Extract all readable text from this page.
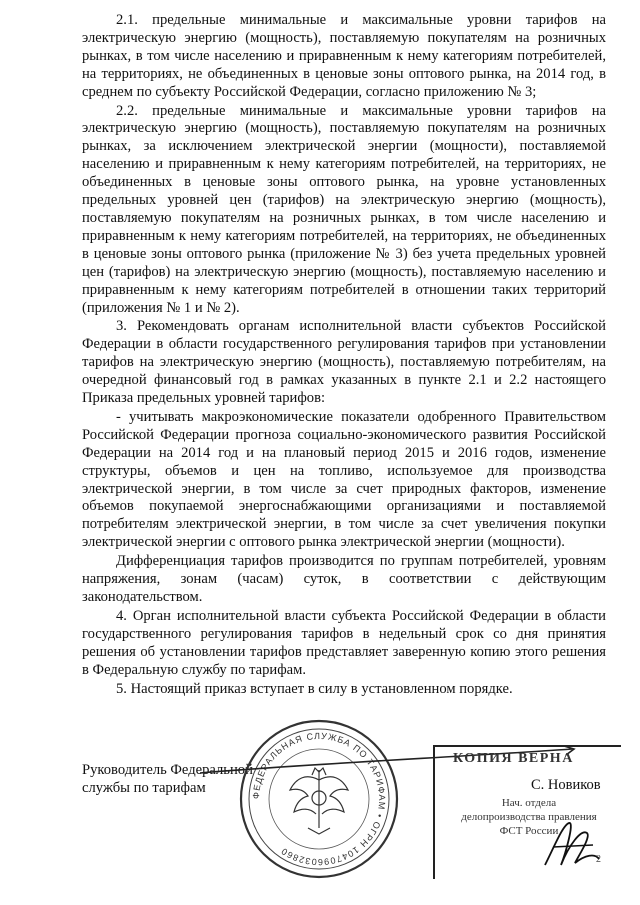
2.1. предельные минимальные и максимальные уровни тарифов на электрическую энергию (мощность), поставляемую покупателям на розничных рынках, в том числе населению и приравненным к нему категориям потребителей, на территориях, не объединенных в ценовые зоны оптового рынка, на 2014 год, в среднем по субъекту Российской Федерации, согласно приложению № 3;

2.2. предельные минимальные и максимальные уровни тарифов на электрическую энергию (мощность), поставляемую покупателям на розничных рынках, за исключением электрической энергии (мощности), поставляемой населению и приравненным к нему категориям потребителей, на территориях, не объединенных в ценовые зоны оптового рынка, на уровне установленных предельных уровней цен (тарифов) на электрическую энергию (мощность), поставляемую покупателям на розничных рынках, в том числе населению и приравненным к нему категориям потребителей, на территориях, не объединенных в ценовые зоны оптового рынка (приложение № 3) без учета предельных уровней цен (тарифов) на электрическую энергию (мощность), поставляемую населению и приравненным к нему категориям потребителей в отношении таких территорий (приложения № 1 и № 2).

3. Рекомендовать органам исполнительной власти субъектов Российской Федерации в области государственного регулирования тарифов при установлении тарифов на электрическую энергию (мощность), поставляемую потребителям, на очередной финансовый год в рамках указанных в пункте 2.1 и 2.2 настоящего Приказа предельных уровней тарифов:

- учитывать макроэкономические показатели одобренного Правительством Российской Федерации прогноза социально-экономического развития Российской Федерации на 2014 год и на плановый период 2015 и 2016 годов, изменение структуры, объемов и цен на топливо, используемое для производства электрической энергии, в том числе за счет природных факторов, изменение объемов покупаемой энергоснабжающими организациями и поставляемой потребителям электрической энергии, в том числе за счет увеличения покупки электрической энергии с оптового рынка электрической энергии (мощности).

Дифференциация тарифов производится по группам потребителей, уровням напряжения, зонам (часам) суток, в соответствии с действующим законодательством.

4. Орган исполнительной власти субъекта Российской Федерации в области государственного регулирования тарифов в недельный срок со дня принятия решения об установлении тарифов представляет заверенную копию этого решения в Федеральную службу по тарифам.

5. Настоящий приказ вступает в силу в установленном порядке.

Руководитель Федеральной службы по тарифам	ФЕДЕРАЛЬНАЯ СЛУЖБА ПО ТАРИФАМ • ОГРН 1047096032860
КОПИЯ ВЕРНА
С. Новиков
Нач. отдела
делопроизводства правления
ФСТ России
2
